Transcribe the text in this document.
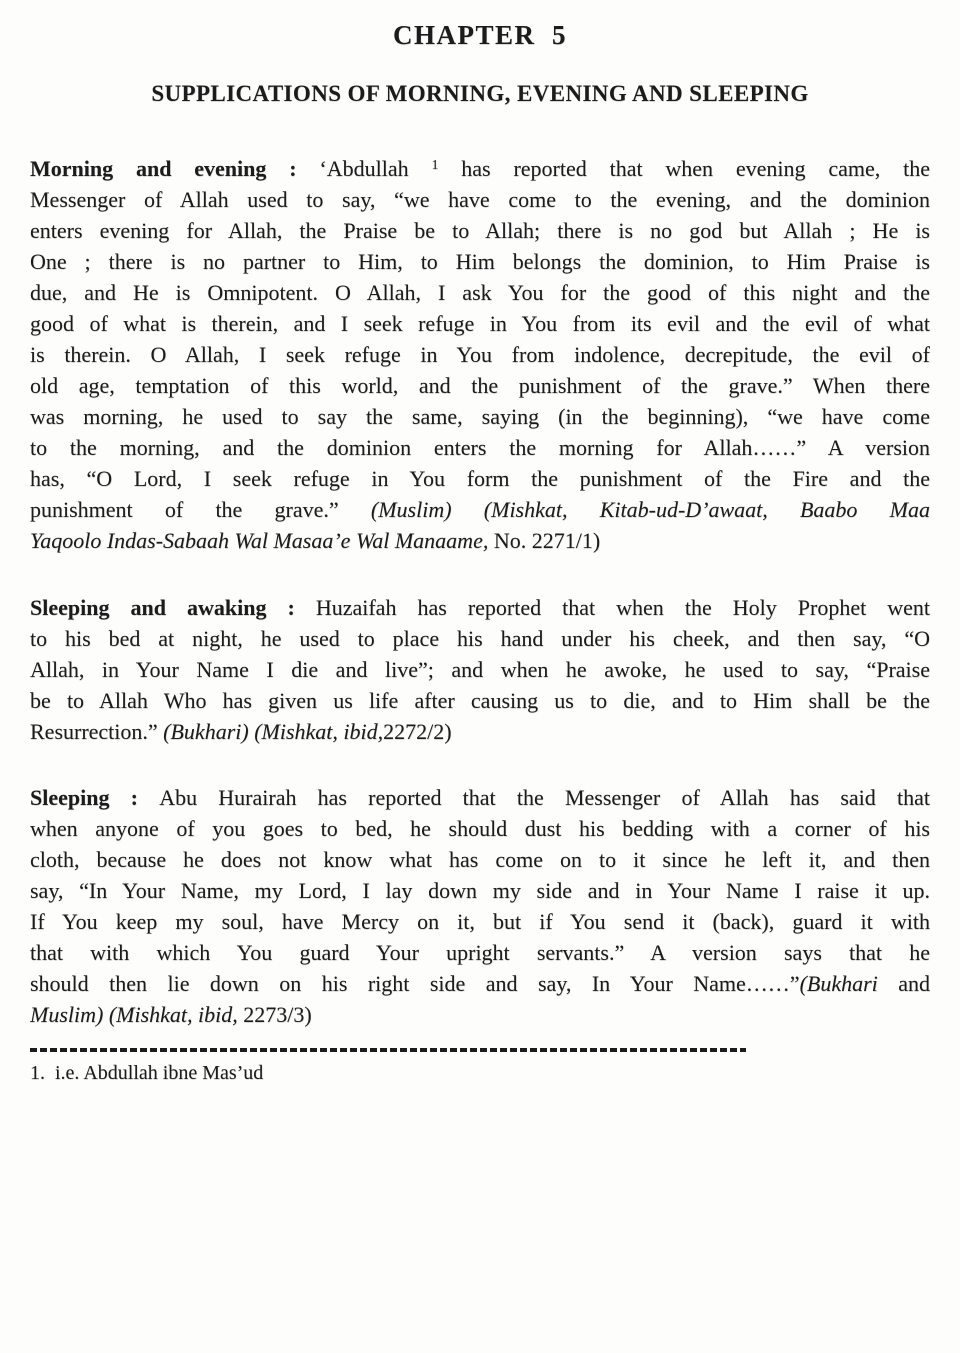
CHAPTER  5
SUPPLICATIONS OF MORNING, EVENING AND SLEEPING
Morning and evening : ‘Abdullah $^1$ has reported that when evening came, the
Messenger of Allah used to say, “we have come to the evening, and the dominion
enters evening for Allah, the Praise be to Allah; there is no god but Allah ; He is
One ; there is no partner to Him, to Him belongs the dominion, to Him Praise is
due, and He is Omnipotent. O Allah, I ask You for the good of this night and the
good of what is therein, and I seek refuge in You from its evil and the evil of what
is therein. O Allah, I seek refuge in You from indolence, decrepitude, the evil of
old age, temptation of this world, and the punishment of the grave.” When there
was morning, he used to say the same, saying (in the beginning), “we have come
to the morning, and the dominion enters the morning for Allah……” A version
has, “O Lord, I seek refuge in You form the punishment of the Fire and the
punishment of the grave.” (Muslim) (Mishkat, Kitab-ud-D’awaat, Baabo Maa
Yaqoolo Indas-Sabaah Wal Masaa’e Wal Manaame, No. 2271/1)
Sleeping and awaking : Huzaifah has reported that when the Holy Prophet went
to his bed at night, he used to place his hand under his cheek, and then say, “O
Allah, in Your Name I die and live”; and when he awoke, he used to say, “Praise
be to Allah Who has given us life after causing us to die, and to Him shall be the
Resurrection.” (Bukhari) (Mishkat, ibid,2272/2)
Sleeping : Abu Hurairah has reported that the Messenger of Allah has said that
when anyone of you goes to bed, he should dust his bedding with a corner of his
cloth, because he does not know what has come on to it since he left it, and then
say, “In Your Name, my Lord, I lay down my side and in Your Name I raise it up.
If You keep my soul, have Mercy on it, but if You send it (back), guard it with
that with which You guard Your upright servants.” A version says that he
should then lie down on his right side and say, In Your Name……”(Bukhari and
Muslim) (Mishkat, ibid, 2273/3)
1.  i.e. Abdullah ibne Mas’ud
